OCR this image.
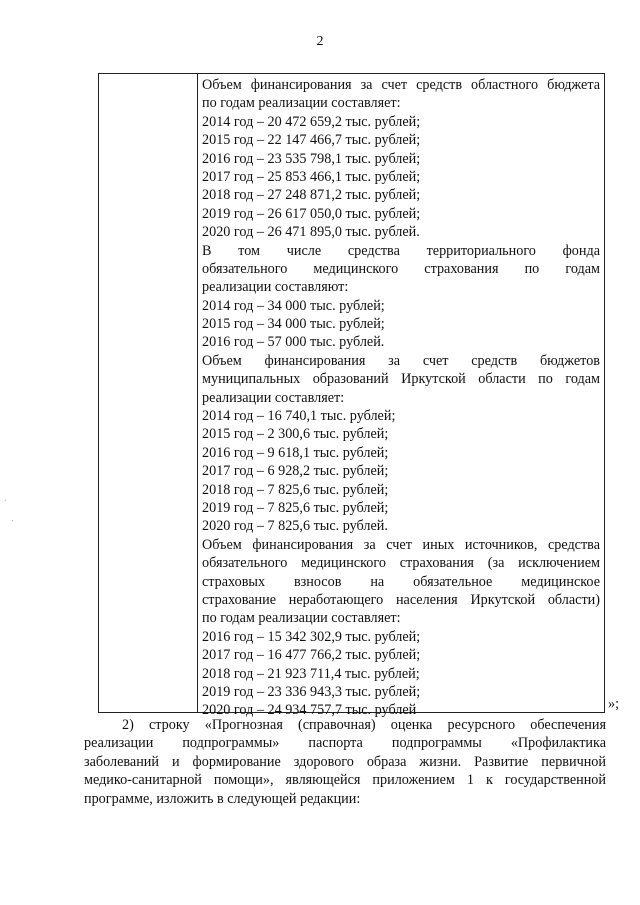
2
Объем финансирования за счет средств областного бюджета
по годам реализации составляет:
2014 год – 20 472 659,2 тыс. рублей;
2015 год – 22 147 466,7 тыс. рублей;
2016 год – 23 535 798,1 тыс. рублей;
2017 год – 25 853 466,1 тыс. рублей;
2018 год – 27 248 871,2 тыс. рублей;
2019 год – 26 617 050,0 тыс. рублей;
2020 год – 26 471 895,0 тыс. рублей.
В том числе средства территориального фонда
обязательного медицинского страхования по годам
реализации составляют:
2014 год – 34 000 тыс. рублей;
2015 год – 34 000 тыс. рублей;
2016 год – 57 000 тыс. рублей.
Объем финансирования за счет средств бюджетов
муниципальных образований Иркутской области по годам
реализации составляет:
2014 год – 16 740,1 тыс. рублей;
2015 год – 2 300,6 тыс. рублей;
2016 год – 9 618,1 тыс. рублей;
2017 год – 6 928,2 тыс. рублей;
2018 год – 7 825,6 тыс. рублей;
2019 год – 7 825,6 тыс. рублей;
2020 год – 7 825,6 тыс. рублей.
Объем финансирования за счет иных источников, средства
обязательного медицинского страхования (за исключением
страховых взносов на обязательное медицинское
страхование неработающего населения Иркутской области)
по годам реализации составляет:
2016 год – 15 342 302,9 тыс. рублей;
2017 год – 16 477 766,2 тыс. рублей;
2018 год – 21 923 711,4 тыс. рублей;
2019 год – 23 336 943,3 тыс. рублей;
2020 год – 24 934 757,7 тыс. рублей	»;
2) строку «Прогнозная (справочная) оценка ресурсного обеспечения
реализации подпрограммы» паспорта подпрограммы «Профилактика
заболеваний и формирование здорового образа жизни. Развитие первичной
медико-санитарной помощи», являющейся приложением 1 к государственной
программе, изложить в следующей редакции:
